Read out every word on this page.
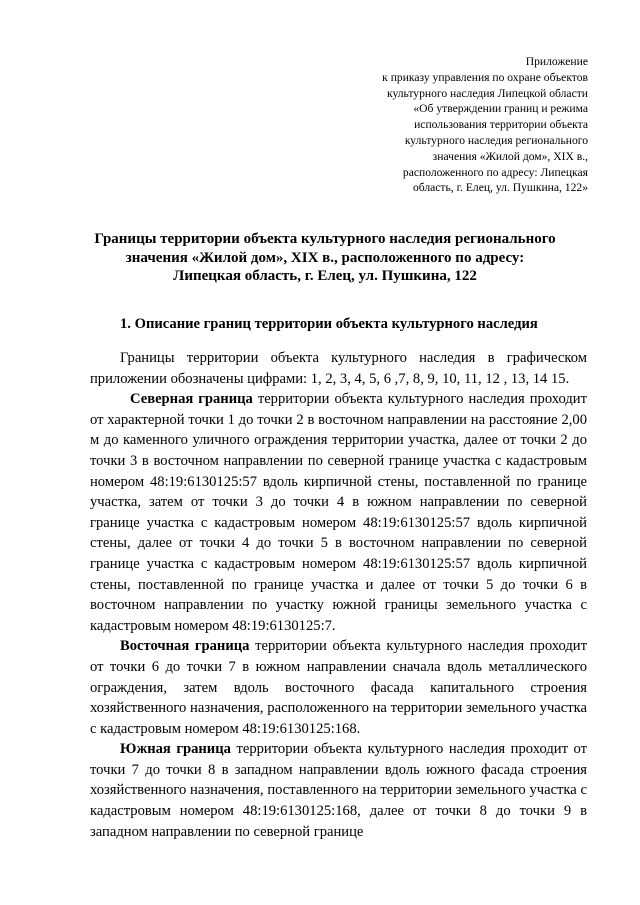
Приложение
к приказу управления по охране объектов
культурного наследия Липецкой области
«Об утверждении границ и режима
использования территории объекта
культурного наследия регионального
значения «Жилой дом», XIX в.,
расположенного по адресу: Липецкая
область, г. Елец, ул. Пушкина, 122»
Границы территории объекта культурного наследия регионального
значения «Жилой дом», XIX в., расположенного по адресу:
Липецкая область, г. Елец, ул. Пушкина, 122
1. Описание границ территории объекта культурного наследия

Границы территории объекта культурного наследия в графическом приложении обозначены цифрами: 1, 2, 3, 4, 5, 6 ,7, 8, 9, 10, 11, 12 , 13, 14 15.

Северная граница территории объекта культурного наследия проходит от характерной точки 1 до точки 2 в восточном направлении на расстояние 2,00 м до каменного уличного ограждения территории участка, далее от точки 2 до точки 3 в восточном направлении по северной границе участка с кадастровым номером 48:19:6130125:57 вдоль кирпичной стены, поставленной по границе участка, затем от точки 3 до точки 4 в южном направлении по северной границе участка с кадастровым номером 48:19:6130125:57 вдоль кирпичной стены, далее от точки 4 до точки 5 в восточном направлении по северной границе участка с кадастровым номером 48:19:6130125:57 вдоль кирпичной стены, поставленной по границе участка и далее от точки 5 до точки 6 в восточном направлении по участку южной границы земельного участка с кадастровым номером 48:19:6130125:7.

Восточная граница территории объекта культурного наследия проходит от точки 6 до точки 7 в южном направлении сначала вдоль металлического ограждения, затем вдоль восточного фасада капитального строения хозяйственного назначения, расположенного на территории земельного участка с кадастровым номером 48:19:6130125:168.

Южная граница территории объекта культурного наследия проходит от точки 7 до точки 8 в западном направлении вдоль южного фасада строения хозяйственного назначения, поставленного на территории земельного участка с кадастровым номером 48:19:6130125:168, далее от точки 8 до точки 9 в западном направлении по северной границе
